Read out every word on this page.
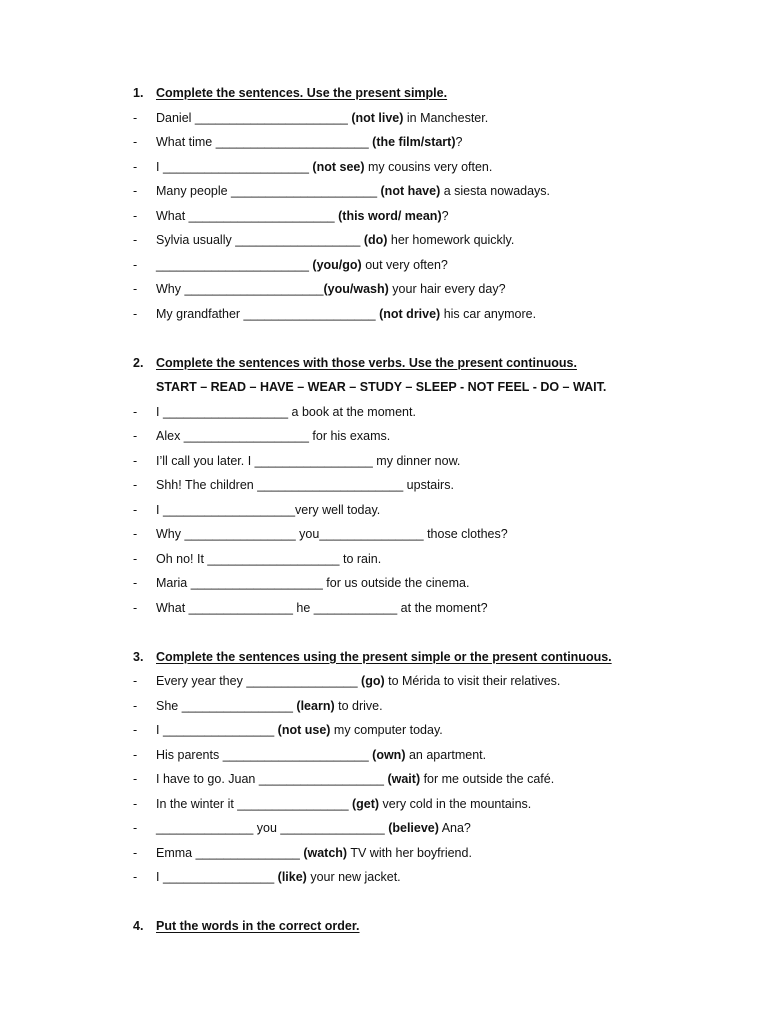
1.	Complete the sentences. Use the present simple.
-	Daniel ______________________ (not live) in Manchester.
-	What time ______________________ (the film/start)?
-	I _____________________ (not see) my cousins very often.
-	Many people _____________________ (not have) a siesta nowadays.
-	What _____________________ (this word/ mean)?
-	Sylvia usually __________________ (do) her homework quickly.
-	______________________ (you/go) out very often?
-	Why ____________________(you/wash) your hair every day?
-	My grandfather ___________________ (not drive) his car anymore.
2.	Complete the sentences with those verbs. Use the present continuous.
START – READ – HAVE – WEAR – STUDY – SLEEP - NOT FEEL - DO – WAIT.
-	I __________________ a book at the moment.
-	Alex __________________ for his exams.
-	I’ll call you later. I _________________ my dinner now.
-	Shh! The children _____________________ upstairs.
-	I ___________________very well today.
-	Why ________________ you_______________ those clothes?
-	Oh no! It ___________________ to rain.
-	Maria ___________________ for us outside the cinema.
-	What _______________ he ____________ at the moment?
3.	Complete the sentences using the present simple or the present continuous.
-	Every year they ________________ (go) to Mérida to visit their relatives.
-	She ________________ (learn) to drive.
-	I ________________ (not use) my computer today.
-	His parents _____________________ (own) an apartment.
-	I have to go. Juan __________________ (wait) for me outside the café.
-	In the winter it ________________ (get) very cold in the mountains.
-	______________ you _______________ (believe) Ana?
-	Emma _______________ (watch) TV with her boyfriend.
-	I ________________ (like) your new jacket.
4.	Put the words in the correct order.
